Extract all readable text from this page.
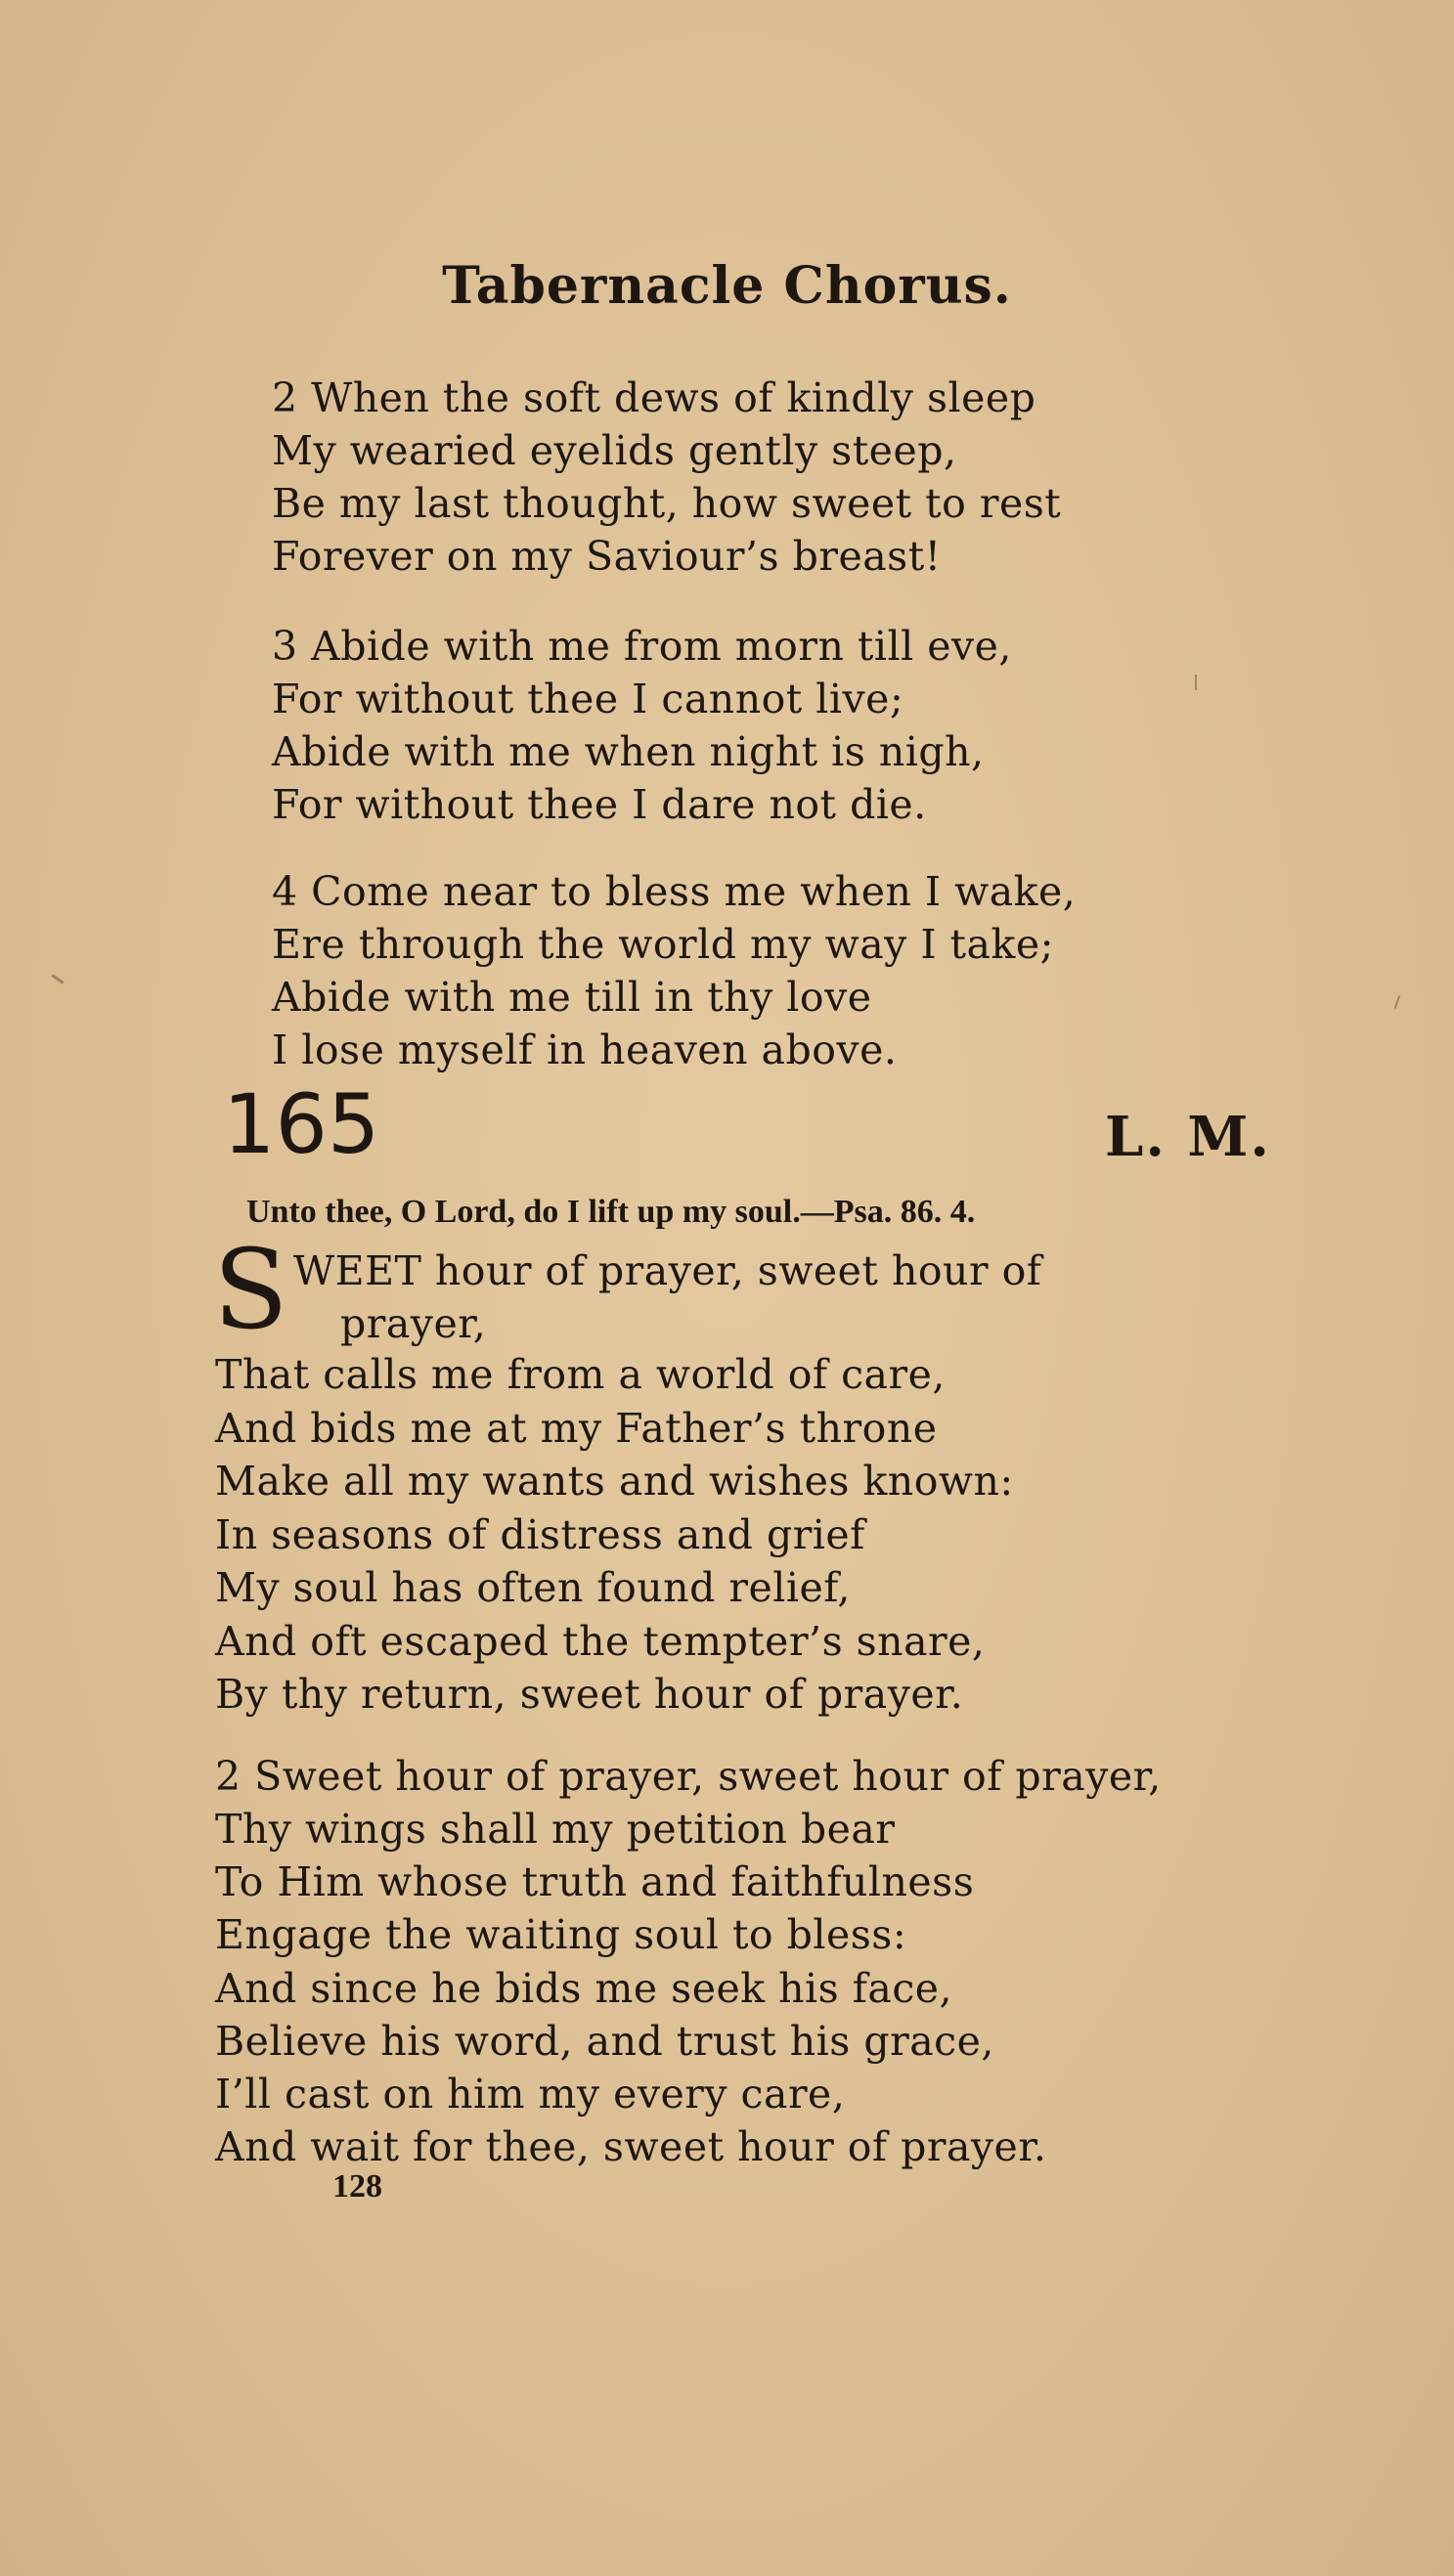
Tabernacle Chorus.
2 When the soft dews of kindly sleep
My wearied eyelids gently steep,
Be my last thought, how sweet to rest
Forever on my Saviour’s breast!
3 Abide with me from morn till eve,
For without thee I cannot live;
Abide with me when night is nigh,
For without thee I dare not die.
4 Come near to bless me when I wake,
Ere through the world my way I take;
Abide with me till in thy love
I lose myself in heaven above.
165	L. M.
Unto thee, O Lord, do I lift up my soul.—Psa. 86. 4.
S WEET hour of prayer, sweet hour of
prayer,
That calls me from a world of care,
And bids me at my Father’s throne
Make all my wants and wishes known:
In seasons of distress and grief
My soul has often found relief,
And oft escaped the tempter’s snare,
By thy return, sweet hour of prayer.
2 Sweet hour of prayer, sweet hour of prayer,
Thy wings shall my petition bear
To Him whose truth and faithfulness
Engage the waiting soul to bless:
And since he bids me seek his face,
Believe his word, and trust his grace,
I’ll cast on him my every care,
And wait for thee, sweet hour of prayer.
128
